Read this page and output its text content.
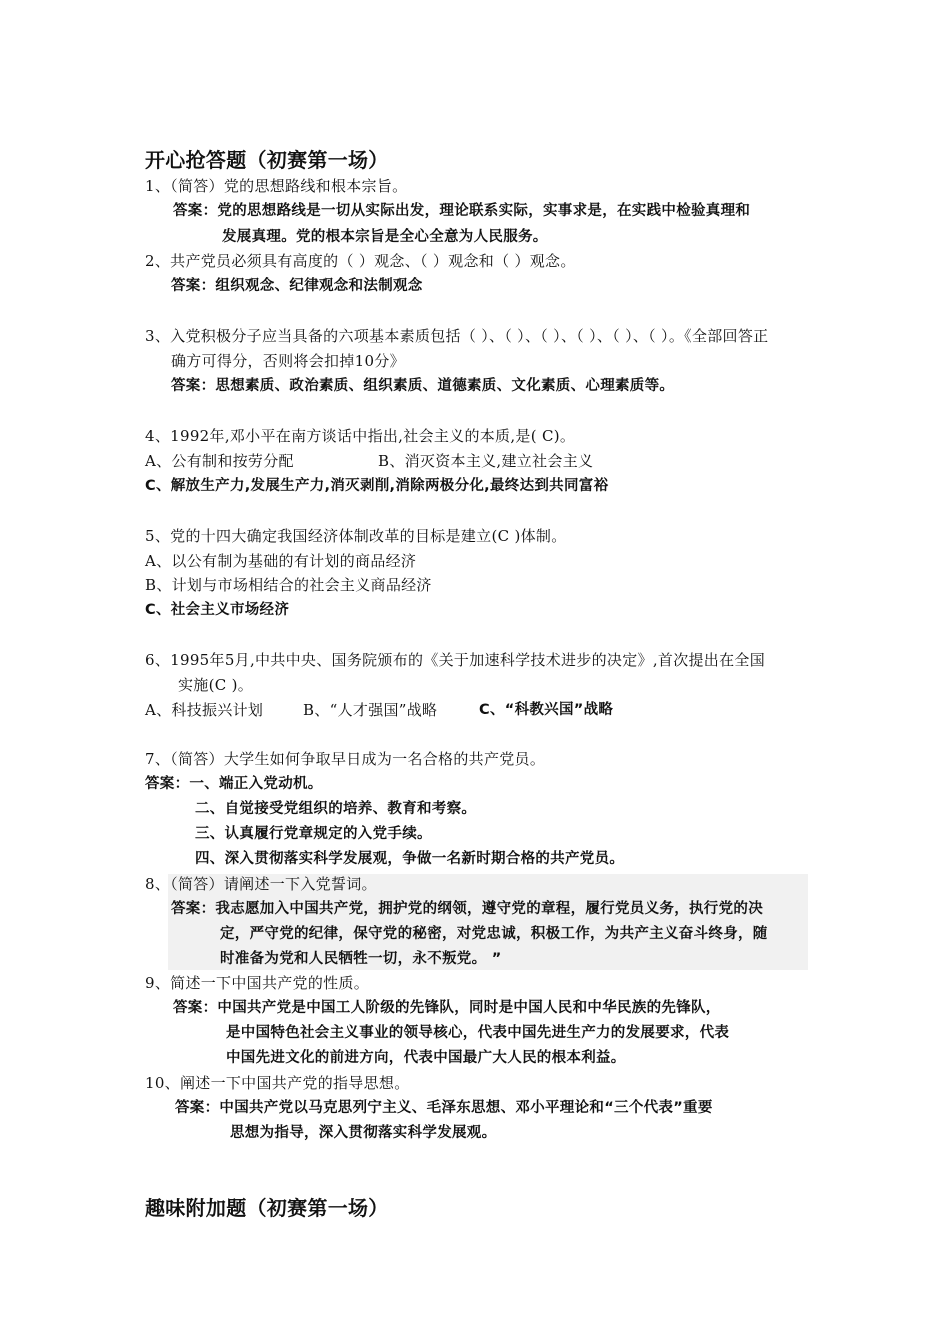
开心抢答题（初赛第一场）
1、（简答）党的思想路线和根本宗旨。
答案：党的思想路线是一切从实际出发，理论联系实际，实事求是，在实践中检验真理和
发展真理。党的根本宗旨是全心全意为人民服务。
2、共产党员必须具有高度的（ ）观念、（ ）观念和（ ）观念。
答案：组织观念、纪律观念和法制观念
3、入党积极分子应当具备的六项基本素质包括（ ）、（ ）、（ ）、（ ）、（ ）、（ ）。《全部回答正
确方可得分，否则将会扣掉10分》
答案：思想素质、政治素质、组织素质、道德素质、文化素质、心理素质等。
4、1992年,邓小平在南方谈话中指出,社会主义的本质,是( C)。
A、公有制和按劳分配	B、消灭资本主义,建立社会主义
C、解放生产力,发展生产力,消灭剥削,消除两极分化,最终达到共同富裕
5、党的十四大确定我国经济体制改革的目标是建立(C )体制。
A、以公有制为基础的有计划的商品经济
B、计划与市场相结合的社会主义商品经济
C、社会主义市场经济
6、1995年5月,中共中央、国务院颁布的《关于加速科学技术进步的决定》,首次提出在全国
实施(C )。
A、科技振兴计划	B、“人才强国”战略	C、“科教兴国”战略
7、（简答）大学生如何争取早日成为一名合格的共产党员。
答案：一、端正入党动机。
二、自觉接受党组织的培养、教育和考察。
三、认真履行党章规定的入党手续。
四、深入贯彻落实科学发展观，争做一名新时期合格的共产党员。
8、（简答）请阐述一下入党誓词。
答案：我志愿加入中国共产党，拥护党的纲领，遵守党的章程，履行党员义务，执行党的决
定，严守党的纪律，保守党的秘密，对党忠诚，积极工作，为共产主义奋斗终身，随
时准备为党和人民牺牲一切，永不叛党。 ”
9、简述一下中国共产党的性质。
答案：中国共产党是中国工人阶级的先锋队，同时是中国人民和中华民族的先锋队，
是中国特色社会主义事业的领导核心，代表中国先进生产力的发展要求，代表
中国先进文化的前进方向，代表中国最广大人民的根本利益。
10、阐述一下中国共产党的指导思想。
答案：中国共产党以马克思列宁主义、毛泽东思想、邓小平理论和“三个代表”重要
思想为指导，深入贯彻落实科学发展观。
趣味附加题（初赛第一场）
